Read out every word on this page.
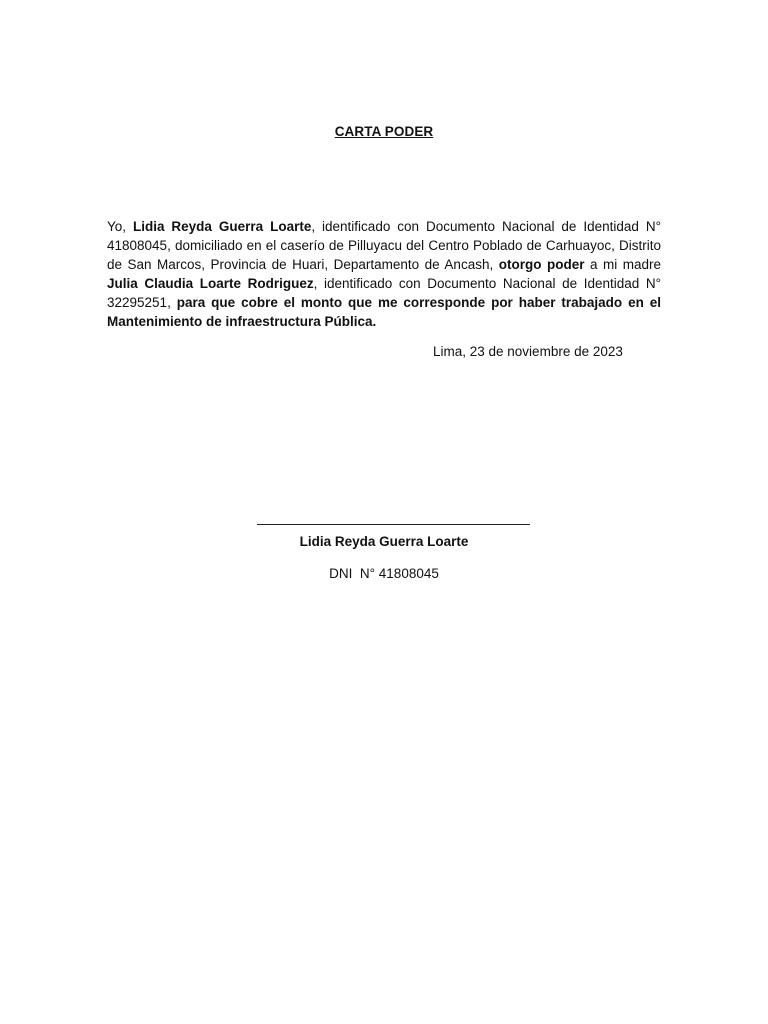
CARTA PODER

Yo, Lidia Reyda Guerra Loarte, identificado con Documento Nacional de Identidad N° 41808045, domiciliado en el caserío de Pilluyacu del Centro Poblado de Carhuayoc, Distrito de San Marcos, Provincia de Huari, Departamento de Ancash, otorgo poder a mi madre Julia Claudia Loarte Rodriguez, identificado con Documento Nacional de Identidad N° 32295251, para que cobre el monto que me corresponde por haber trabajado en el Mantenimiento de infraestructura Pública.

Lima, 23 de noviembre de 2023
Lidia Reyda Guerra Loarte
DNI  N° 41808045
